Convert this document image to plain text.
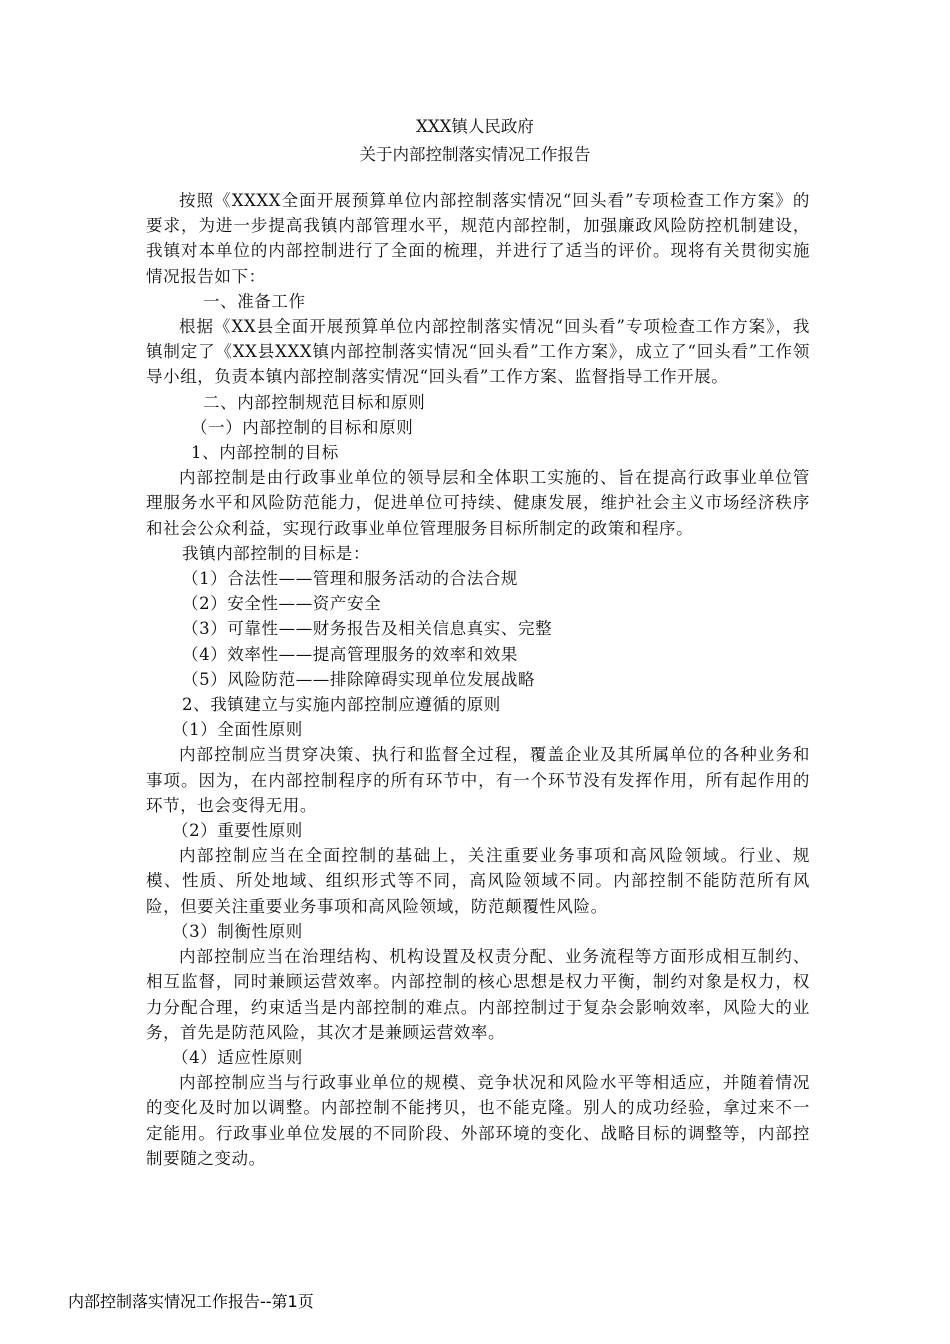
XXX镇人民政府
关于内部控制落实情况工作报告

按照《XXXX全面开展预算单位内部控制落实情况“回头看”专项检查工作方案》的要求，为进一步提高我镇内部管理水平，规范内部控制，加强廉政风险防控机制建设，我镇对本单位的内部控制进行了全面的梳理，并进行了适当的评价。现将有关贯彻实施情况报告如下：

一、准备工作

根据《XX县全面开展预算单位内部控制落实情况“回头看”专项检查工作方案》，我镇制定了《XX县XXX镇内部控制落实情况“回头看”工作方案》，成立了“回头看”工作领导小组，负责本镇内部控制落实情况“回头看”工作方案、监督指导工作开展。

二、内部控制规范目标和原则

（一）内部控制的目标和原则

1、内部控制的目标

内部控制是由行政事业单位的领导层和全体职工实施的、旨在提高行政事业单位管理服务水平和风险防范能力，促进单位可持续、健康发展，维护社会主义市场经济秩序和社会公众利益，实现行政事业单位管理服务目标所制定的政策和程序。

我镇内部控制的目标是：

（1）合法性——管理和服务活动的合法合规

（2）安全性——资产安全

（3）可靠性——财务报告及相关信息真实、完整

（4）效率性——提高管理服务的效率和效果

（5）风险防范——排除障碍实现单位发展战略

2、我镇建立与实施内部控制应遵循的原则

（1）全面性原则

内部控制应当贯穿决策、执行和监督全过程，覆盖企业及其所属单位的各种业务和事项。因为，在内部控制程序的所有环节中，有一个环节没有发挥作用，所有起作用的环节，也会变得无用。

（2）重要性原则

内部控制应当在全面控制的基础上，关注重要业务事项和高风险领域。行业、规模、性质、所处地域、组织形式等不同，高风险领域不同。内部控制不能防范所有风险，但要关注重要业务事项和高风险领域，防范颠覆性风险。

（3）制衡性原则

内部控制应当在治理结构、机构设置及权责分配、业务流程等方面形成相互制约、相互监督，同时兼顾运营效率。内部控制的核心思想是权力平衡，制约对象是权力，权力分配合理，约束适当是内部控制的难点。内部控制过于复杂会影响效率，风险大的业务，首先是防范风险，其次才是兼顾运营效率。

（4）适应性原则

内部控制应当与行政事业单位的规模、竞争状况和风险水平等相适应，并随着情况的变化及时加以调整。内部控制不能拷贝，也不能克隆。别人的成功经验，拿过来不一定能用。行政事业单位发展的不同阶段、外部环境的变化、战略目标的调整等，内部控制要随之变动。

内部控制落实情况工作报告--第1页
